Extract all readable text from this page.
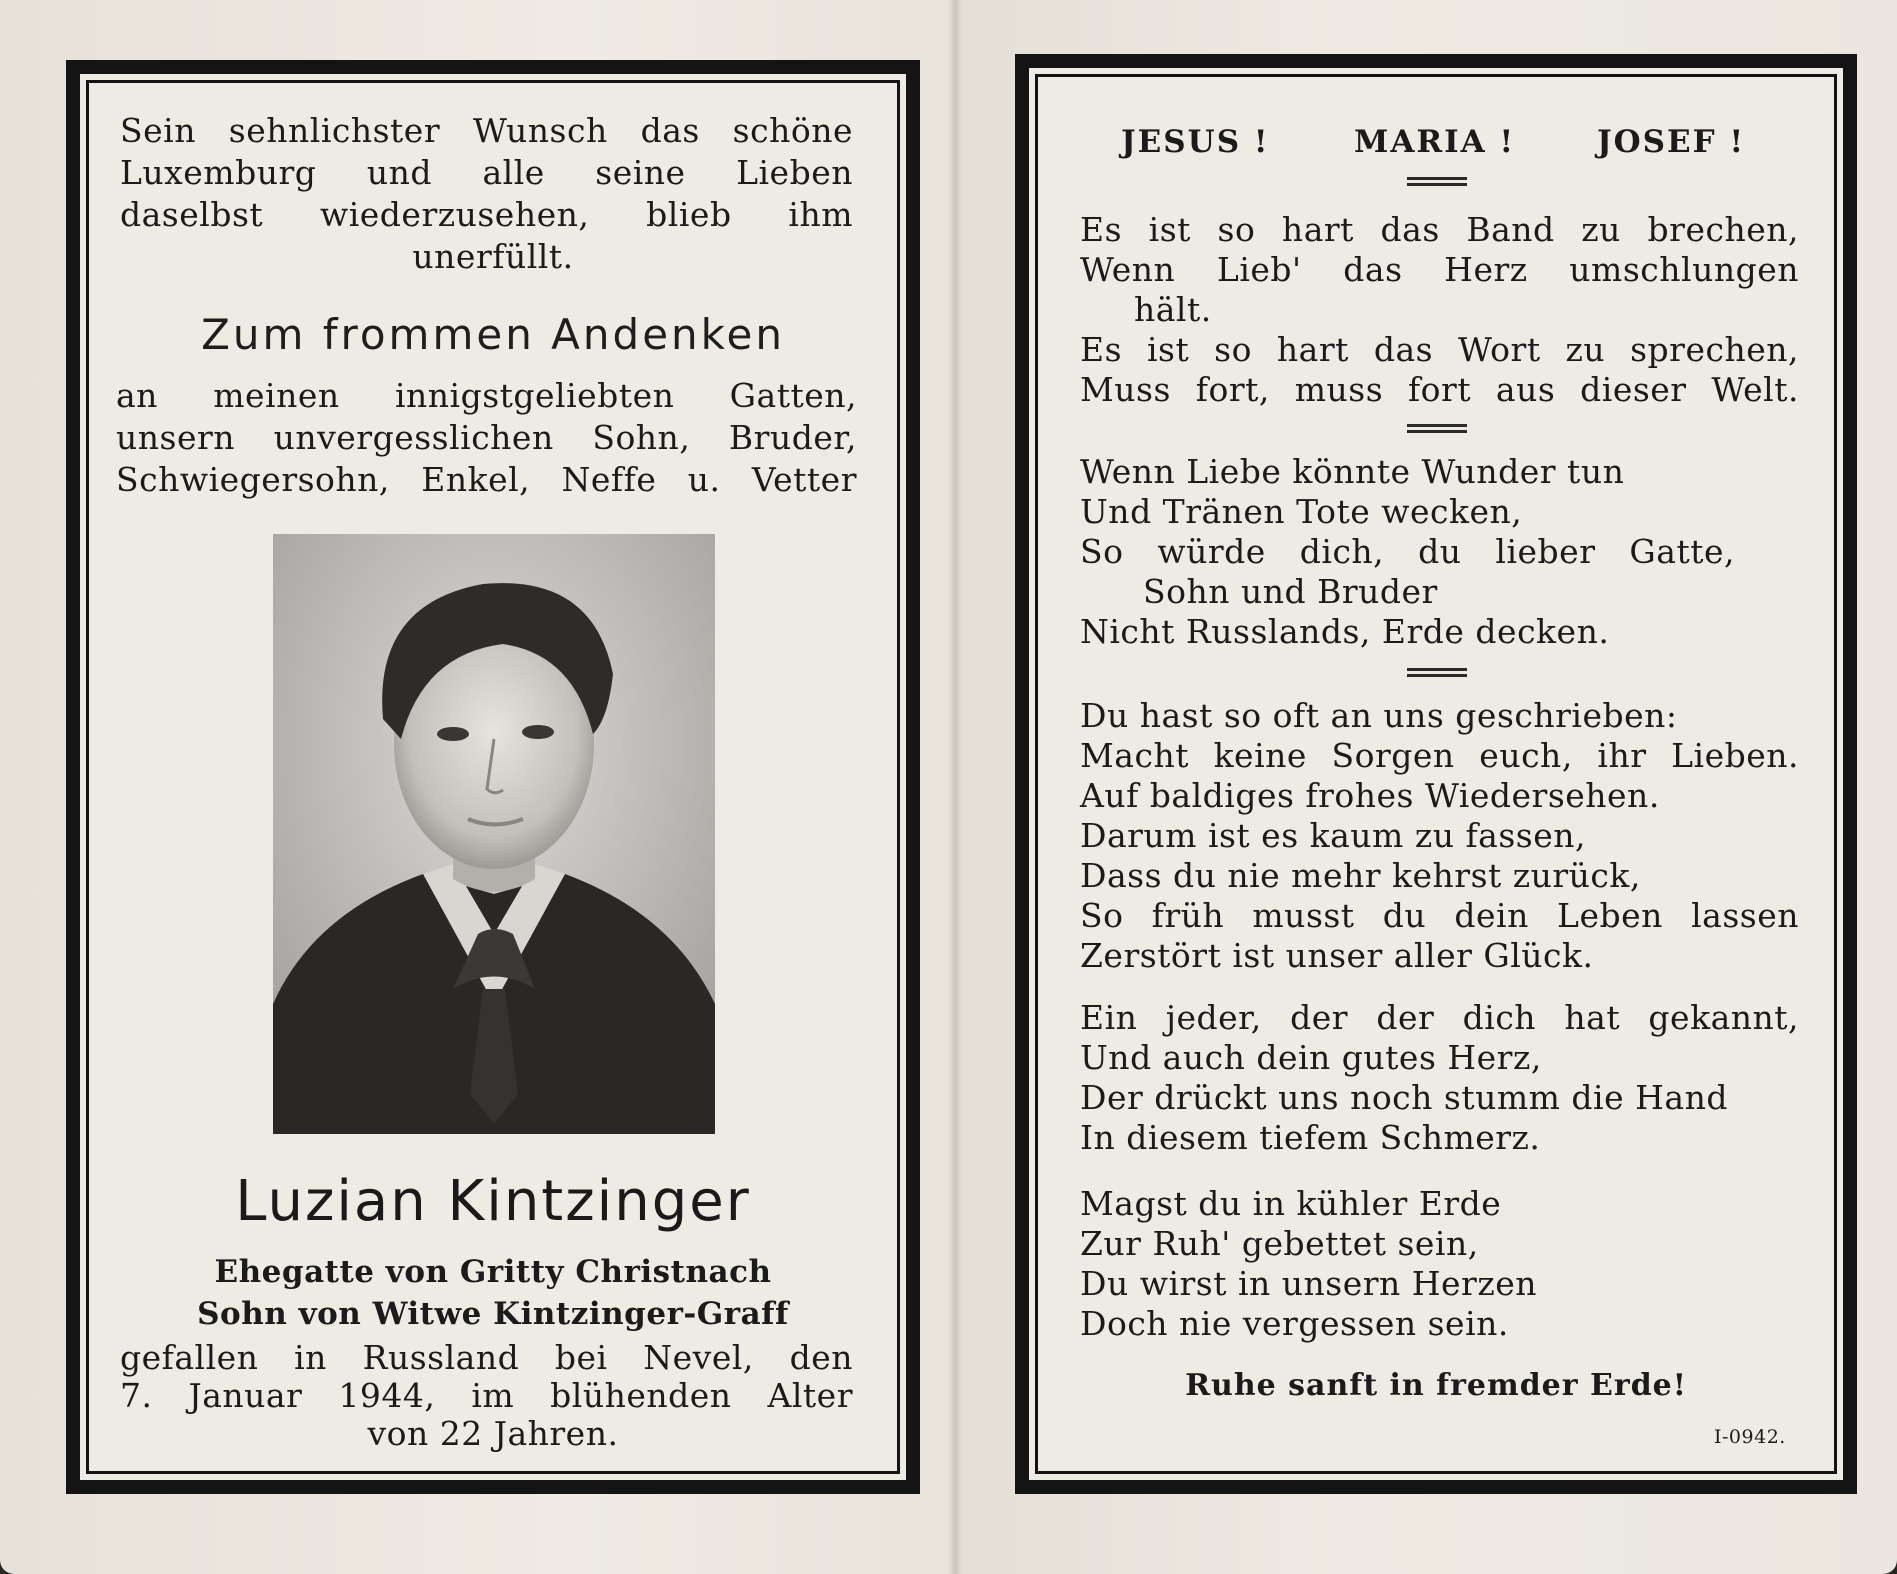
Sein sehnlichster Wunsch das schöne
Luxemburg und alle seine Lieben
daselbst wiederzusehen, blieb ihm
unerfüllt.
Zum frommen Andenken
an meinen innigstgeliebten Gatten,
unsern unvergesslichen Sohn, Bruder,
Schwiegersohn, Enkel, Neffe u. Vetter
Luzian Kintzinger
Ehegatte von Gritty Christnach
Sohn von Witwe Kintzinger-Graff
gefallen in Russland bei Nevel, den
7. Januar 1944, im blühenden Alter
von 22 Jahren.
JESUS !	MARIA !	JOSEF !
Es ist so hart das Band zu brechen,
Wenn Lieb' das Herz umschlungen
hält.
Es ist so hart das Wort zu sprechen,
Muss fort, muss fort aus dieser Welt.
Wenn Liebe könnte Wunder tun
Und Tränen Tote wecken,
So würde dich, du lieber Gatte,
Sohn und Bruder
Nicht Russlands, Erde decken.
Du hast so oft an uns geschrieben:
Macht keine Sorgen euch, ihr Lieben.
Auf baldiges frohes Wiedersehen.
Darum ist es kaum zu fassen,
Dass du nie mehr kehrst zurück,
So früh musst du dein Leben lassen
Zerstört ist unser aller Glück.
Ein jeder, der der dich hat gekannt,
Und auch dein gutes Herz,
Der drückt uns noch stumm die Hand
In diesem tiefem Schmerz.
Magst du in kühler Erde
Zur Ruh' gebettet sein,
Du wirst in unsern Herzen
Doch nie vergessen sein.
Ruhe sanft in fremder Erde!
I-0942.
